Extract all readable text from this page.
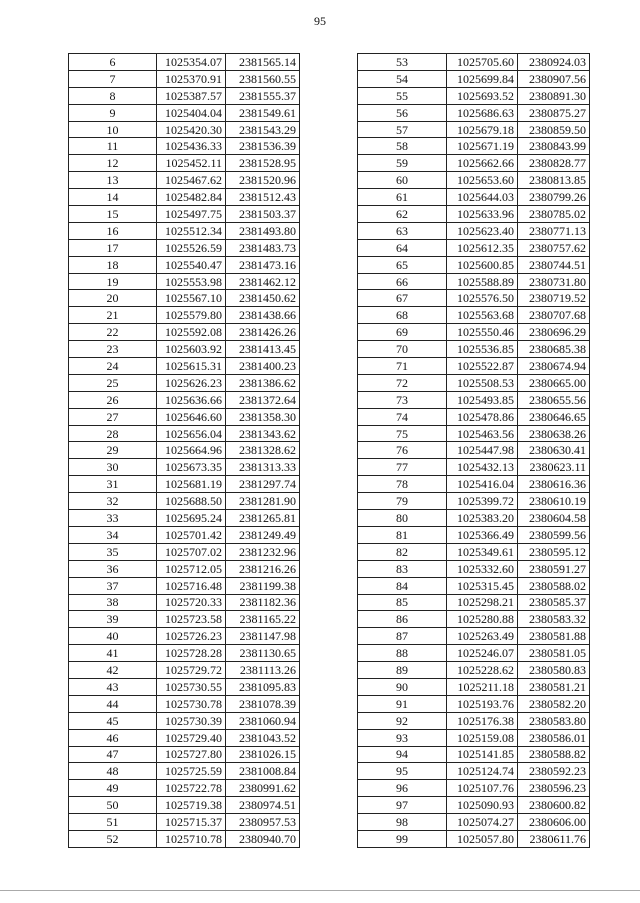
95
6	1025354.07	2381565.14
7	1025370.91	2381560.55
8	1025387.57	2381555.37
9	1025404.04	2381549.61
10	1025420.30	2381543.29
11	1025436.33	2381536.39
12	1025452.11	2381528.95
13	1025467.62	2381520.96
14	1025482.84	2381512.43
15	1025497.75	2381503.37
16	1025512.34	2381493.80
17	1025526.59	2381483.73
18	1025540.47	2381473.16
19	1025553.98	2381462.12
20	1025567.10	2381450.62
21	1025579.80	2381438.66
22	1025592.08	2381426.26
23	1025603.92	2381413.45
24	1025615.31	2381400.23
25	1025626.23	2381386.62
26	1025636.66	2381372.64
27	1025646.60	2381358.30
28	1025656.04	2381343.62
29	1025664.96	2381328.62
30	1025673.35	2381313.33
31	1025681.19	2381297.74
32	1025688.50	2381281.90
33	1025695.24	2381265.81
34	1025701.42	2381249.49
35	1025707.02	2381232.96
36	1025712.05	2381216.26
37	1025716.48	2381199.38
38	1025720.33	2381182.36
39	1025723.58	2381165.22
40	1025726.23	2381147.98
41	1025728.28	2381130.65
42	1025729.72	2381113.26
43	1025730.55	2381095.83
44	1025730.78	2381078.39
45	1025730.39	2381060.94
46	1025729.40	2381043.52
47	1025727.80	2381026.15
48	1025725.59	2381008.84
49	1025722.78	2380991.62
50	1025719.38	2380974.51
51	1025715.37	2380957.53
52	1025710.78	2380940.70
53	1025705.60	2380924.03
54	1025699.84	2380907.56
55	1025693.52	2380891.30
56	1025686.63	2380875.27
57	1025679.18	2380859.50
58	1025671.19	2380843.99
59	1025662.66	2380828.77
60	1025653.60	2380813.85
61	1025644.03	2380799.26
62	1025633.96	2380785.02
63	1025623.40	2380771.13
64	1025612.35	2380757.62
65	1025600.85	2380744.51
66	1025588.89	2380731.80
67	1025576.50	2380719.52
68	1025563.68	2380707.68
69	1025550.46	2380696.29
70	1025536.85	2380685.38
71	1025522.87	2380674.94
72	1025508.53	2380665.00
73	1025493.85	2380655.56
74	1025478.86	2380646.65
75	1025463.56	2380638.26
76	1025447.98	2380630.41
77	1025432.13	2380623.11
78	1025416.04	2380616.36
79	1025399.72	2380610.19
80	1025383.20	2380604.58
81	1025366.49	2380599.56
82	1025349.61	2380595.12
83	1025332.60	2380591.27
84	1025315.45	2380588.02
85	1025298.21	2380585.37
86	1025280.88	2380583.32
87	1025263.49	2380581.88
88	1025246.07	2380581.05
89	1025228.62	2380580.83
90	1025211.18	2380581.21
91	1025193.76	2380582.20
92	1025176.38	2380583.80
93	1025159.08	2380586.01
94	1025141.85	2380588.82
95	1025124.74	2380592.23
96	1025107.76	2380596.23
97	1025090.93	2380600.82
98	1025074.27	2380606.00
99	1025057.80	2380611.76
